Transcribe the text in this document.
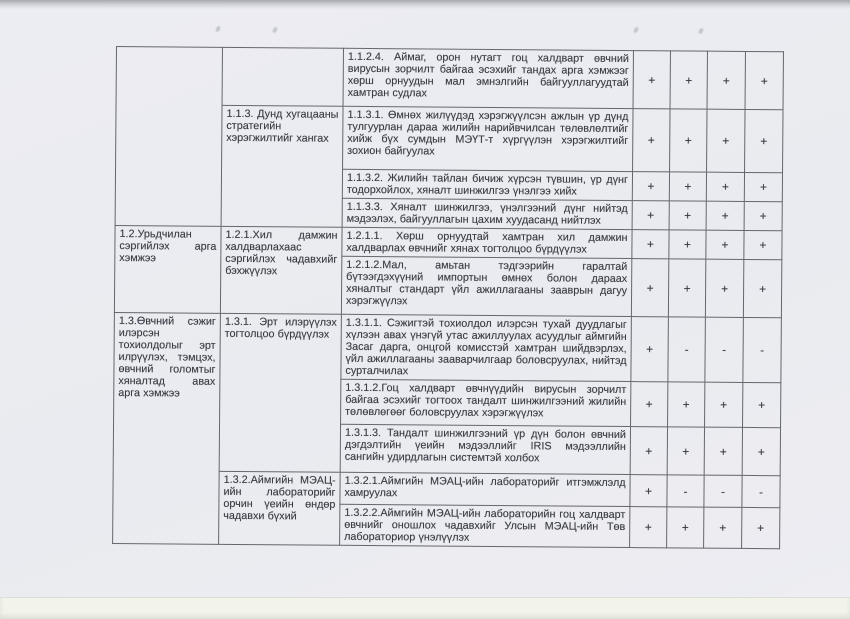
		1.1.2.4. Аймаг, орон нутагт гоц халдварт өвчний вирусын зорчилт байгаа эсэхийг тандах арга хэмжээг хөрш орнуудын мал эмнэлгийн байгууллагуудтай хамтран судлах	+	+	+	+
	1.1.3. Дунд хугацааны стратегийн хэрэгжилтийг хангах	1.1.3.1. Өмнөх жилүүдэд хэрэгжүүлсэн ажлын үр дүнд тулгуурлан дараа жилийн нарийвчилсан төлөвлөлтийг хийж бүх сумдын МЭҮТ-т хүргүүлэн хэрэгжилтийг зохион байгуулах	+	+	+	+
		1.1.3.2. Жилийн тайлан бичиж хүрсэн түвшин, үр дүнг тодорхойлох, хяналт шинжилгээ үнэлгээ хийх	+	+	+	+
		1.1.3.3. Хяналт шинжилгээ, үнэлгээний дүнг нийтэд мэдээлэх, байгууллагын цахим хуудасанд нийтлэх	+	+	+	+
1.2.Урьдчилан сэргийлэх арга хэмжээ	1.2.1.Хил дамжин халдварлахаас сэргийлэх чадавхийг бэхжүүлэх	1.2.1.1. Хөрш орнуудтай хамтран хил дамжин халдварлах өвчнийг хянах тогтолцоо бүрдүүлэх	+	+	+	+
		1.2.1.2.Мал, амьтан тэдгээрийн гаралтай бүтээгдэхүүний импортын өмнөх болон дараах хяналтыг стандарт үйл ажиллагааны зааврын дагуу хэрэгжүүлэх	+	+	+	+
1.3.Өвчний сэжиг илэрсэн тохиолдолыг эрт илрүүлэх, тэмцэх, өвчний голомтыг хяналтад авах арга хэмжээ	1.3.1. Эрт илэрүүлэх тогтолцоо бүрдүүлэх	1.3.1.1. Сэжигтэй тохиолдол илэрсэн тухай дуудлагыг хүлээн авах үнэгүй утас ажиллуулах асуудлыг аймгийн Засаг дарга, онцгой комисстэй хамтран шийдвэрлэх, үйл ажиллагааны зааварчилгаар боловсруулах, нийтэд сурталчилах	+	-	-	-
		1.3.1.2.Гоц халдварт өвчнүүдийн вирусын зорчилт байгаа эсэхийг тогтоох тандалт шинжилгээний жилийн төлөвлөгөөг боловсруулах хэрэгжүүлэх	+	+	+	+
		1.3.1.3. Тандалт шинжилгээний үр дүн болон өвчний дэгдэлтийн үеийн мэдээллийг IRIS мэдээллийн сангийн удирдлагын системтэй холбох	+	+	+	+
	1.3.2.Аймгийн МЭАЦ-ийн лабораторийг орчин үеийн өндөр чадавхи бүхий	1.3.2.1.Аймгийн МЭАЦ-ийн лабораторийг итгэмжлэлд хамруулах	+	-	-	-
		1.3.2.2.Аймгийн МЭАЦ-ийн лабораторийн гоц халдварт өвчнийг оношлох чадавхийг Улсын МЭАЦ-ийн Төв лабораториор үнэлүүлэх	+	+	+	+
